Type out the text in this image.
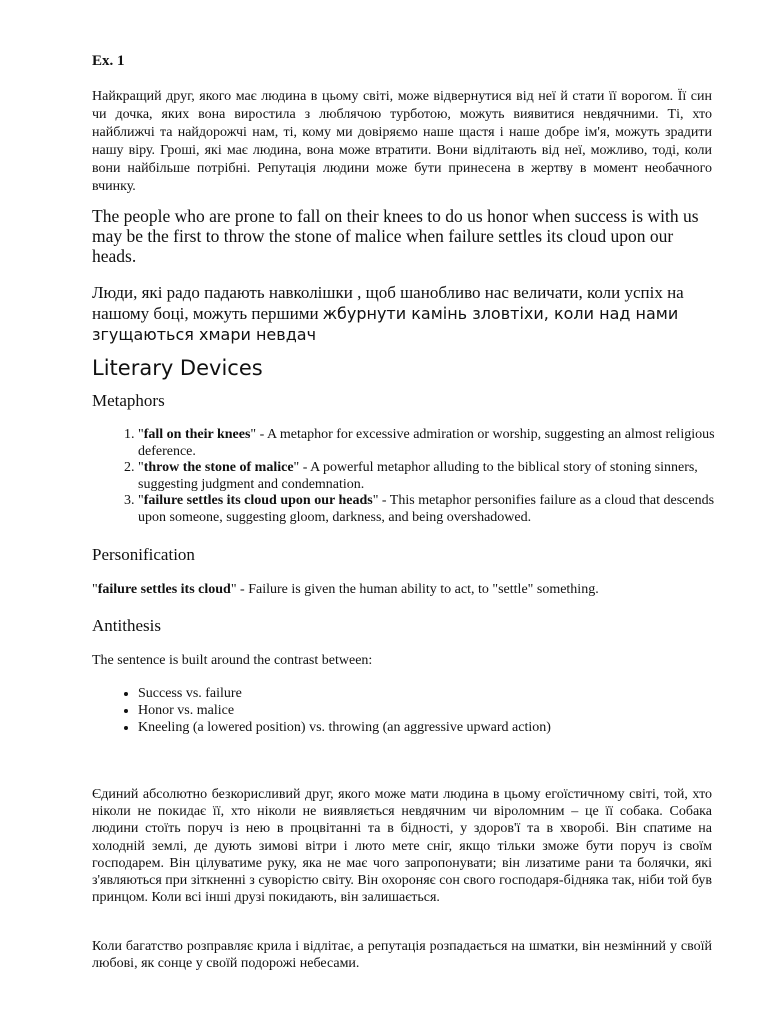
Ex. 1

Найкращий друг, якого має людина в цьому світі, може відвернутися від неї й стати її ворогом. Її син чи дочка, яких вона виростила з люблячою турботою, можуть виявитися невдячними. Ті, хто найближчі та найдорожчі нам, ті, кому ми довіряємо наше щастя і наше добре ім'я, можуть зрадити нашу віру. Гроші, які має людина, вона може втратити. Вони відлітають від неї, можливо, тоді, коли вони найбільше потрібні. Репутація людини може бути принесена в жертву в момент необачного вчинку.

The people who are prone to fall on their knees to do us honor when success is with us may be the first to throw the stone of malice when failure settles its cloud upon our heads.

Люди, які радо падають навколішки , щоб шанобливо нас величати, коли успіх на нашому боці, можуть першими жбурнути камінь зловтіхи, коли над нами згущаються хмари невдач

Literary Devices
Metaphors
1. "fall on their knees" - A metaphor for excessive admiration or worship, suggesting an almost religious deference.
2. "throw the stone of malice" - A powerful metaphor alluding to the biblical story of stoning sinners, suggesting judgment and condemnation.
3. "failure settles its cloud upon our heads" - This metaphor personifies failure as a cloud that descends upon someone, suggesting gloom, darkness, and being overshadowed.
Personification

"failure settles its cloud" - Failure is given the human ability to act, to "settle" something.

Antithesis

The sentence is built around the contrast between:

• Success vs. failure
• Honor vs. malice
• Kneeling (a lowered position) vs. throwing (an aggressive upward action)

Єдиний абсолютно безкорисливий друг, якого може мати людина в цьому егоїстичному світі, той, хто ніколи не покидає її, хто ніколи не виявляється невдячним чи віроломним – це її собака. Собака людини стоїть поруч із нею в процвітанні та в бідності, у здоров'ї та в хворобі. Він спатиме на холодній землі, де дують зимові вітри і люто мете сніг, якщо тільки зможе бути поруч із своїм господарем. Він цілуватиме руку, яка не має чого запропонувати; він лизатиме рани та болячки, які з'являються при зіткненні з суворістю світу. Він охороняє сон свого господаря-бідняка так, ніби той був принцом. Коли всі інші друзі покидають, він залишається.

Коли багатство розправляє крила і відлітає, а репутація розпадається на шматки, він незмінний у своїй любові, як сонце у своїй подорожі небесами.
